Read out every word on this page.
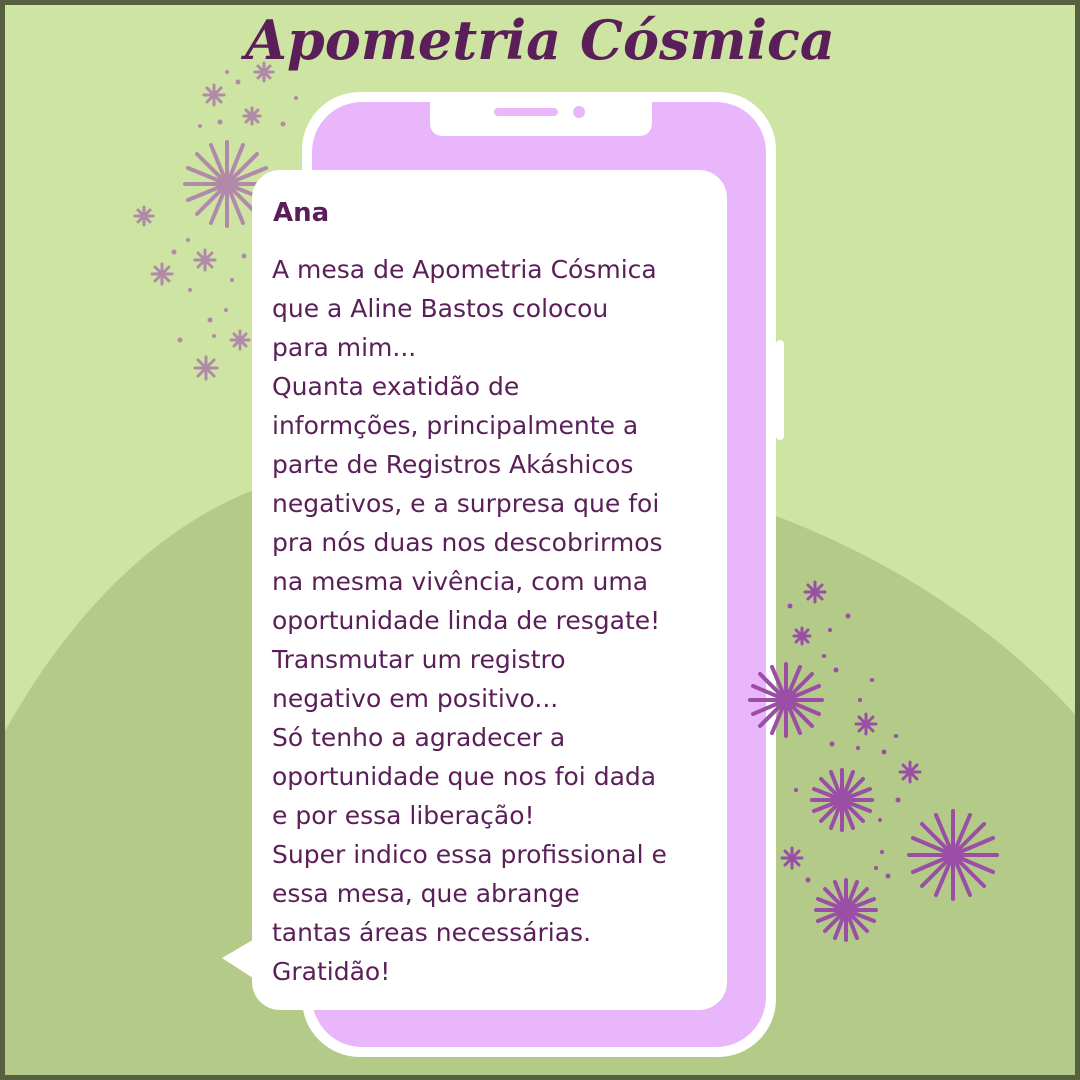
Apometria Cósmica

Ana

A mesa de Apometria Cósmica
que a Aline Bastos colocou
para mim...
Quanta exatidão de
informções, principalmente a
parte de Registros Akáshicos
negativos, e a surpresa que foi
pra nós duas nos descobrirmos
na mesma vivência, com uma
oportunidade linda de resgate!
Transmutar um registro
negativo em positivo...
Só tenho a agradecer a
oportunidade que nos foi dada
e por essa liberação!
Super indico essa profissional e
essa mesa, que abrange
tantas áreas necessárias.
Gratidão!
